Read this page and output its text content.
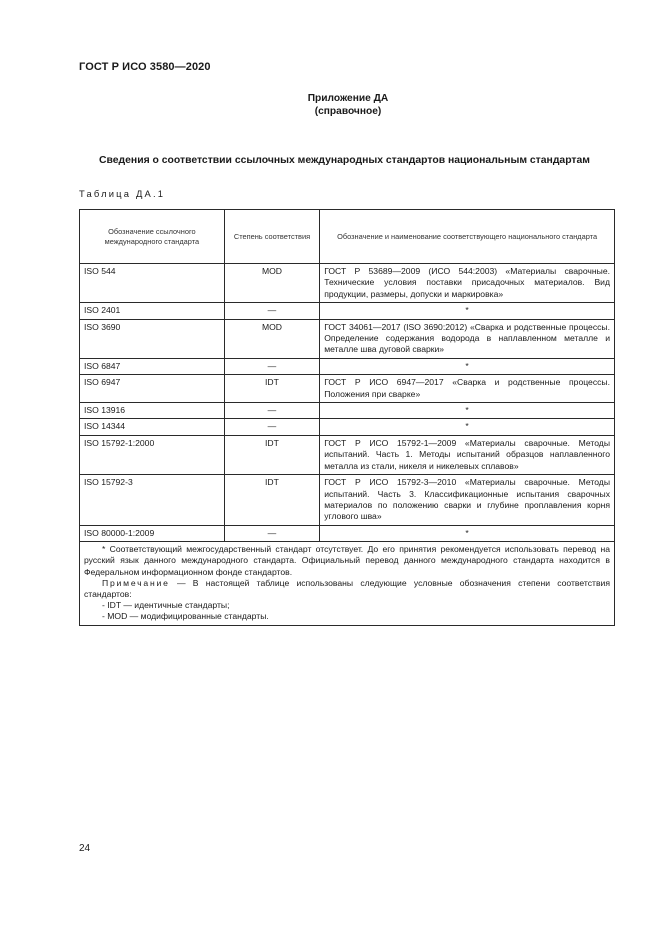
ГОСТ Р ИСО 3580—2020
Приложение ДА
(справочное)
Сведения о соответствии ссылочных международных стандартов национальным стандартам
Таблица ДА.1
Обозначение ссылочного международного стандарта	Степень соответствия	Обозначение и наименование соответствующего национального стандарта
ISO 544	MOD	ГОСТ Р 53689—2009 (ИСО 544:2003) «Материалы сварочные. Технические условия поставки присадочных материалов. Вид продукции, размеры, допуски и маркировка»
ISO 2401	—	*
ISO 3690	MOD	ГОСТ 34061—2017 (ISO 3690:2012) «Сварка и родственные процессы. Определение содержания водорода в наплавленном металле и металле шва дуговой сварки»
ISO 6847	—	*
ISO 6947	IDT	ГОСТ Р ИСО 6947—2017 «Сварка и родственные процессы. Положения при сварке»
ISO 13916	—	*
ISO 14344	—	*
ISO 15792-1:2000	IDT	ГОСТ Р ИСО 15792-1—2009 «Материалы сварочные. Методы испытаний. Часть 1. Методы испытаний образцов наплавленного металла из стали, никеля и никелевых сплавов»
ISO 15792-3	IDT	ГОСТ Р ИСО 15792-3—2010 «Материалы сварочные. Методы испытаний. Часть 3. Классификационные испытания сварочных материалов по положению сварки и глубине проплавления корня углового шва»
ISO 80000-1:2009	—	*

* Соответствующий межгосударственный стандарт отсутствует. До его принятия рекомендуется использовать перевод на русский язык данного международного стандарта. Официальный перевод данного международного стандарта находится в Федеральном информационном фонде стандартов.
Примечание — В настоящей таблице использованы следующие условные обозначения степени соответствия стандартов:
- IDT — идентичные стандарты;
- MOD — модифицированные стандарты.		
24
